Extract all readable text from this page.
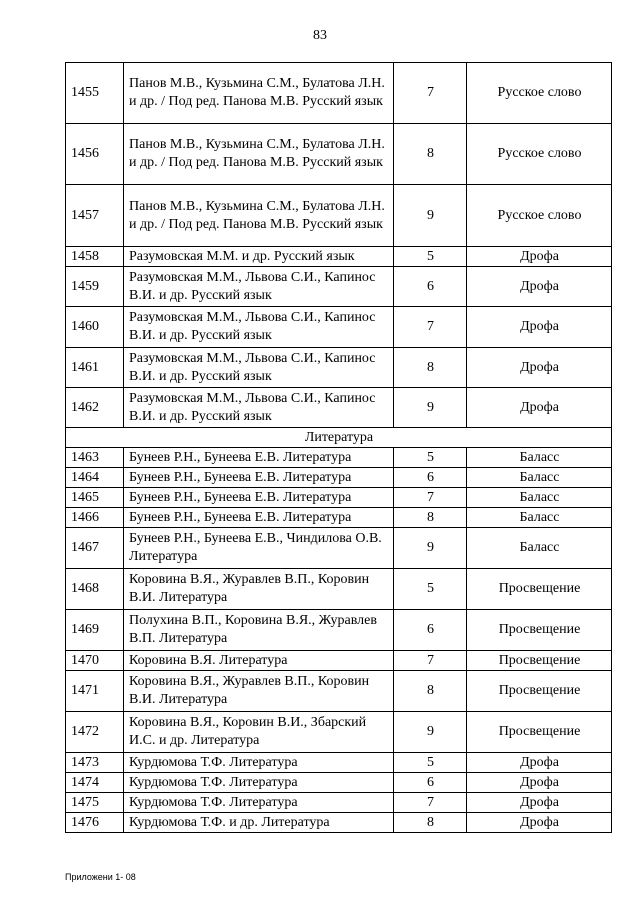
83
1455	Панов М.В., Кузьмина С.М., Булатова Л.Н. и др. / Под ред. Панова М.В. Русский язык	7	Русское слово
1456	Панов М.В., Кузьмина С.М., Булатова Л.Н. и др. / Под ред. Панова М.В. Русский язык	8	Русское слово
1457	Панов М.В., Кузьмина С.М., Булатова Л.Н. и др. / Под ред. Панова М.В. Русский язык	9	Русское слово
1458	Разумовская М.М. и др. Русский язык	5	Дрофа
1459	Разумовская М.М., Львова С.И., Капинос В.И. и др. Русский язык	6	Дрофа
1460	Разумовская М.М., Львова С.И., Капинос В.И. и др. Русский язык	7	Дрофа
1461	Разумовская М.М., Львова С.И., Капинос В.И. и др. Русский язык	8	Дрофа
1462	Разумовская М.М., Львова С.И., Капинос В.И. и др. Русский язык	9	Дрофа
Литература			
1463	Бунеев Р.Н., Бунеева Е.В. Литература	5	Баласс
1464	Бунеев Р.Н., Бунеева Е.В. Литература	6	Баласс
1465	Бунеев Р.Н., Бунеева Е.В. Литература	7	Баласс
1466	Бунеев Р.Н., Бунеева Е.В. Литература	8	Баласс
1467	Бунеев Р.Н., Бунеева Е.В., Чиндилова О.В. Литература	9	Баласс
1468	Коровина В.Я., Журавлев В.П., Коровин В.И. Литература	5	Просвещение
1469	Полухина В.П., Коровина В.Я., Журавлев В.П. Литература	6	Просвещение
1470	Коровина В.Я. Литература	7	Просвещение
1471	Коровина В.Я., Журавлев В.П., Коровин В.И. Литература	8	Просвещение
1472	Коровина В.Я., Коровин В.И., Збарский И.С. и др. Литература	9	Просвещение
1473	Курдюмова Т.Ф. Литература	5	Дрофа
1474	Курдюмова Т.Ф. Литература	6	Дрофа
1475	Курдюмова Т.Ф. Литература	7	Дрофа
1476	Курдюмова Т.Ф. и др. Литература	8	Дрофа
Приложени 1- 08
